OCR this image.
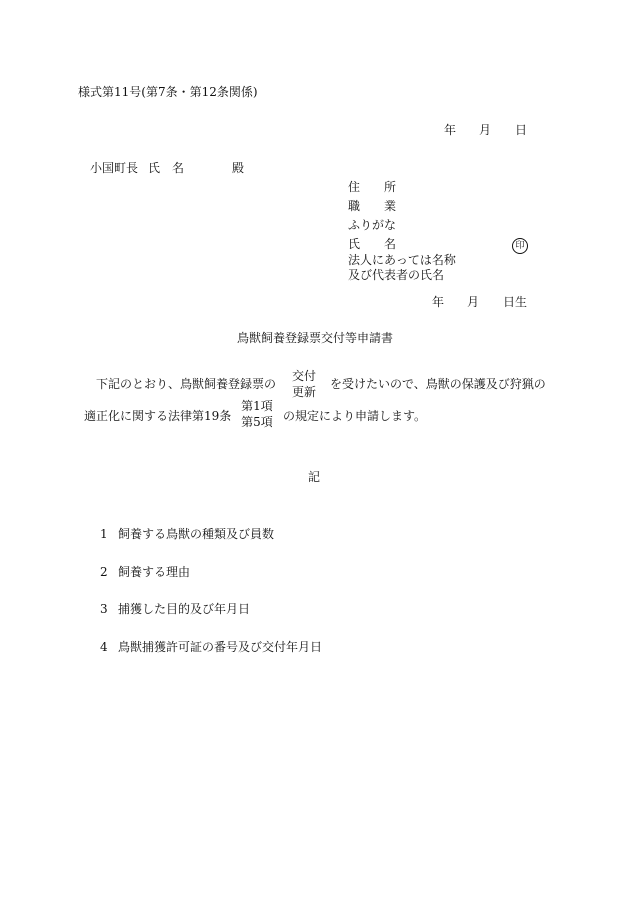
様式第11号(第7条・第12条関係)
年 月 日
小国町長 氏　名	殿
住　　所
職　　業
ふりがな
氏　　名	印
法人にあっては名称
及び代表者の氏名
年 月 日生
鳥獣飼養登録票交付等申請書
下記のとおり、鳥獣飼養登録票の
交付
更新
を受けたいので、鳥獣の保護及び狩猟の
適正化に関する法律第19条
第1項
第5項 の規定により申請します。
記
1 飼養する鳥獣の種類及び員数
2 飼養する理由
3 捕獲した目的及び年月日
4 鳥獣捕獲許可証の番号及び交付年月日
